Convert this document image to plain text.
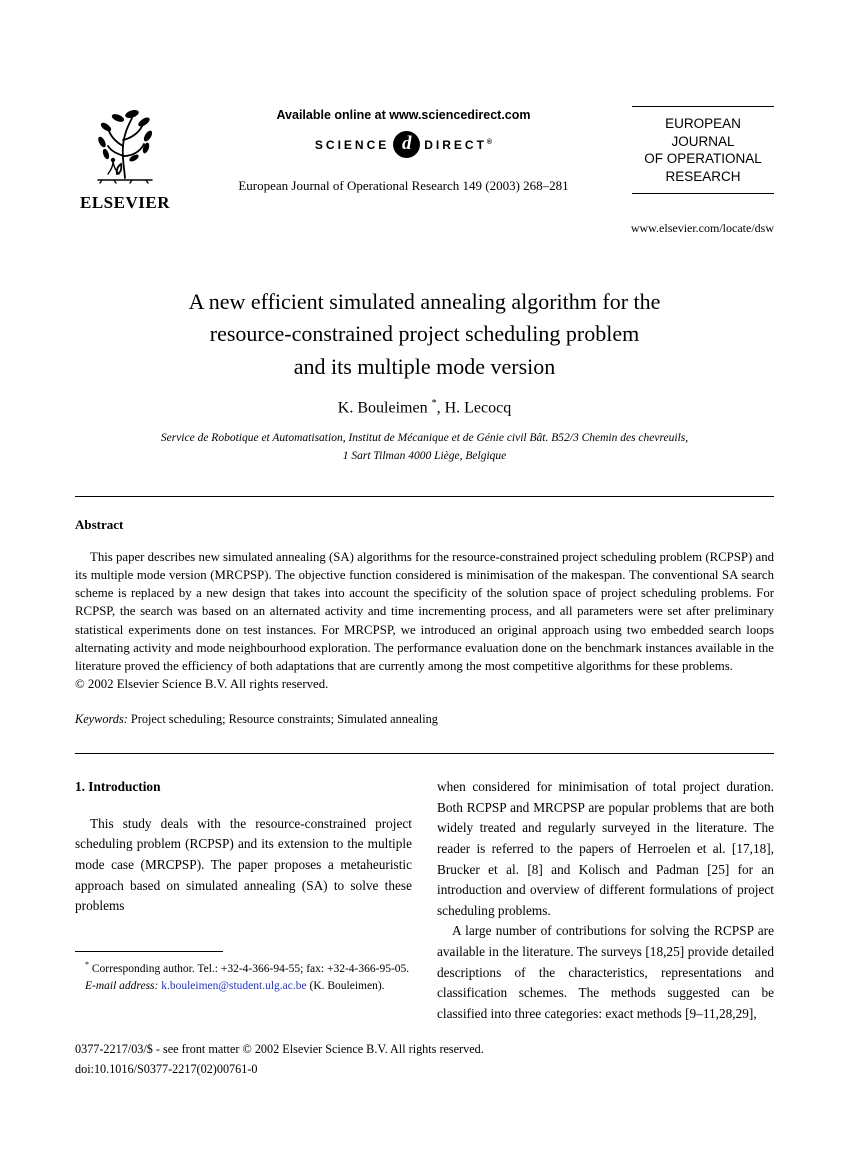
ELSEVIER
Available online at www.sciencedirect.com
SCIENCE d	DIRECT®
European Journal of Operational Research 149 (2003) 268–281
EUROPEAN
JOURNAL
OF OPERATIONAL
RESEARCH
www.elsevier.com/locate/dsw
A new efficient simulated annealing algorithm for the
resource-constrained project scheduling problem
and its multiple mode version
K. Bouleimen *, H. Lecocq
Service de Robotique et Automatisation, Institut de Mécanique et de Génie civil Bât. B52/3 Chemin des chevreuils,
1 Sart Tilman 4000 Liège, Belgique
Abstract

This paper describes new simulated annealing (SA) algorithms for the resource-constrained project scheduling problem (RCPSP) and its multiple mode version (MRCPSP). The objective function considered is minimisation of the makespan. The conventional SA search scheme is replaced by a new design that takes into account the specificity of the solution space of project scheduling problems. For RCPSP, the search was based on an alternated activity and time incrementing process, and all parameters were set after preliminary statistical experiments done on test instances. For MRCPSP, we introduced an original approach using two embedded search loops alternating activity and mode neighbourhood exploration. The performance evaluation done on the benchmark instances available in the literature proved the efficiency of both adaptations that are currently among the most competitive algorithms for these problems.

© 2002 Elsevier Science B.V. All rights reserved.
Keywords: Project scheduling; Resource constraints; Simulated annealing
1. Introduction

This study deals with the resource-constrained project scheduling problem (RCPSP) and its extension to the multiple mode case (MRCPSP). The paper proposes a metaheuristic approach based on simulated annealing (SA) to solve these problems

* Corresponding author. Tel.: +32-4-366-94-55; fax: +32-4-366-95-05.

E-mail address: k.bouleimen@student.ulg.ac.be (K. Bouleimen).

when considered for minimisation of total project duration. Both RCPSP and MRCPSP are popular problems that are both widely treated and regularly surveyed in the literature. The reader is referred to the papers of Herroelen et al. [17,18], Brucker et al. [8] and Kolisch and Padman [25] for an introduction and overview of different formulations of project scheduling problems.

A large number of contributions for solving the RCPSP are available in the literature. The surveys [18,25] provide detailed descriptions of the characteristics, representations and classification schemes. The methods suggested can be classified into three categories: exact methods [9–11,28,29],

0377-2217/03/$ - see front matter © 2002 Elsevier Science B.V. All rights reserved.
doi:10.1016/S0377-2217(02)00761-0
